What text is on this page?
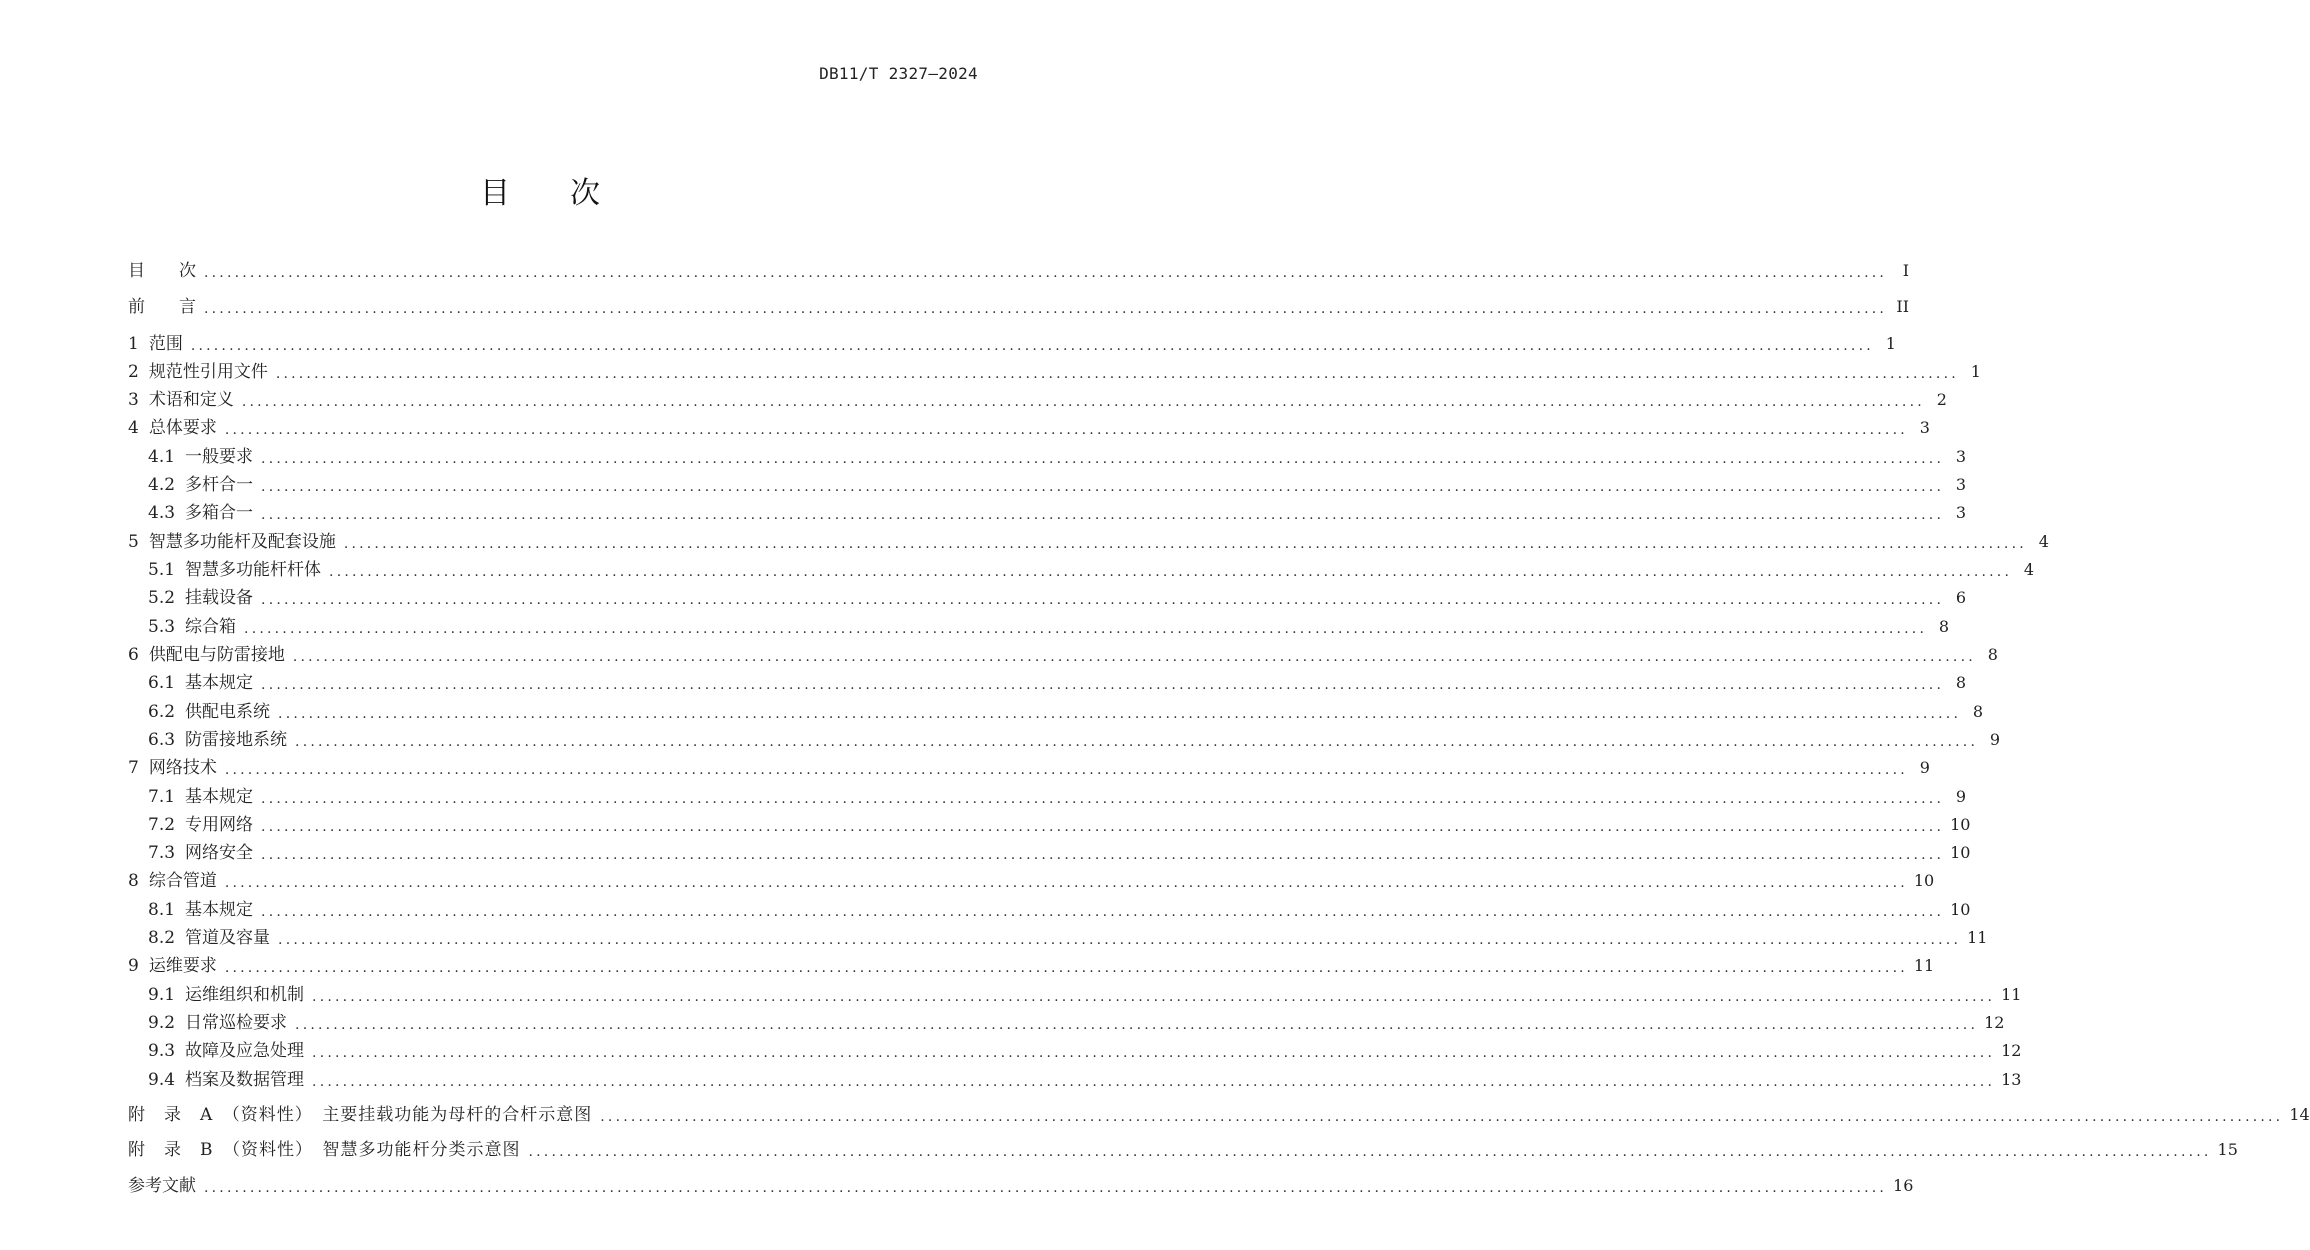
DB11/T 2327—2024
目　　次
目　　次 ............................................................................................................................................................................................................................ I
前　　言 ............................................................................................................................................................................................................................ II
1 范围 ............................................................................................................................................................................................................................ 1
2 规范性引用文件 ............................................................................................................................................................................................................................ 1
3 术语和定义 ............................................................................................................................................................................................................................ 2
4 总体要求 ............................................................................................................................................................................................................................ 3
4.1 一般要求 ............................................................................................................................................................................................................................ 3
4.2 多杆合一 ............................................................................................................................................................................................................................ 3
4.3 多箱合一 ............................................................................................................................................................................................................................ 3
5 智慧多功能杆及配套设施 ............................................................................................................................................................................................................................ 4
5.1 智慧多功能杆杆体 ............................................................................................................................................................................................................................ 4
5.2 挂载设备 ............................................................................................................................................................................................................................ 6
5.3 综合箱 ............................................................................................................................................................................................................................ 8
6 供配电与防雷接地 ............................................................................................................................................................................................................................ 8
6.1 基本规定 ............................................................................................................................................................................................................................ 8
6.2 供配电系统 ............................................................................................................................................................................................................................ 8
6.3 防雷接地系统 ............................................................................................................................................................................................................................ 9
7 网络技术 ............................................................................................................................................................................................................................ 9
7.1 基本规定 ............................................................................................................................................................................................................................ 9
7.2 专用网络 ............................................................................................................................................................................................................................ 10
7.3 网络安全 ............................................................................................................................................................................................................................ 10
8 综合管道 ............................................................................................................................................................................................................................ 10
8.1 基本规定 ............................................................................................................................................................................................................................ 10
8.2 管道及容量 ............................................................................................................................................................................................................................ 11
9 运维要求 ............................................................................................................................................................................................................................ 11
9.1 运维组织和机制 ............................................................................................................................................................................................................................ 11
9.2 日常巡检要求 ............................................................................................................................................................................................................................ 12
9.3 故障及应急处理 ............................................................................................................................................................................................................................ 12
9.4 档案及数据管理 ............................................................................................................................................................................................................................ 13
附　录　A　（资料性）　主要挂载功能为母杆的合杆示意图 ............................................................................................................................................................................................................................ 14
附　录　B　（资料性）　智慧多功能杆分类示意图 ............................................................................................................................................................................................................................ 15
参考文献 ............................................................................................................................................................................................................................ 16
